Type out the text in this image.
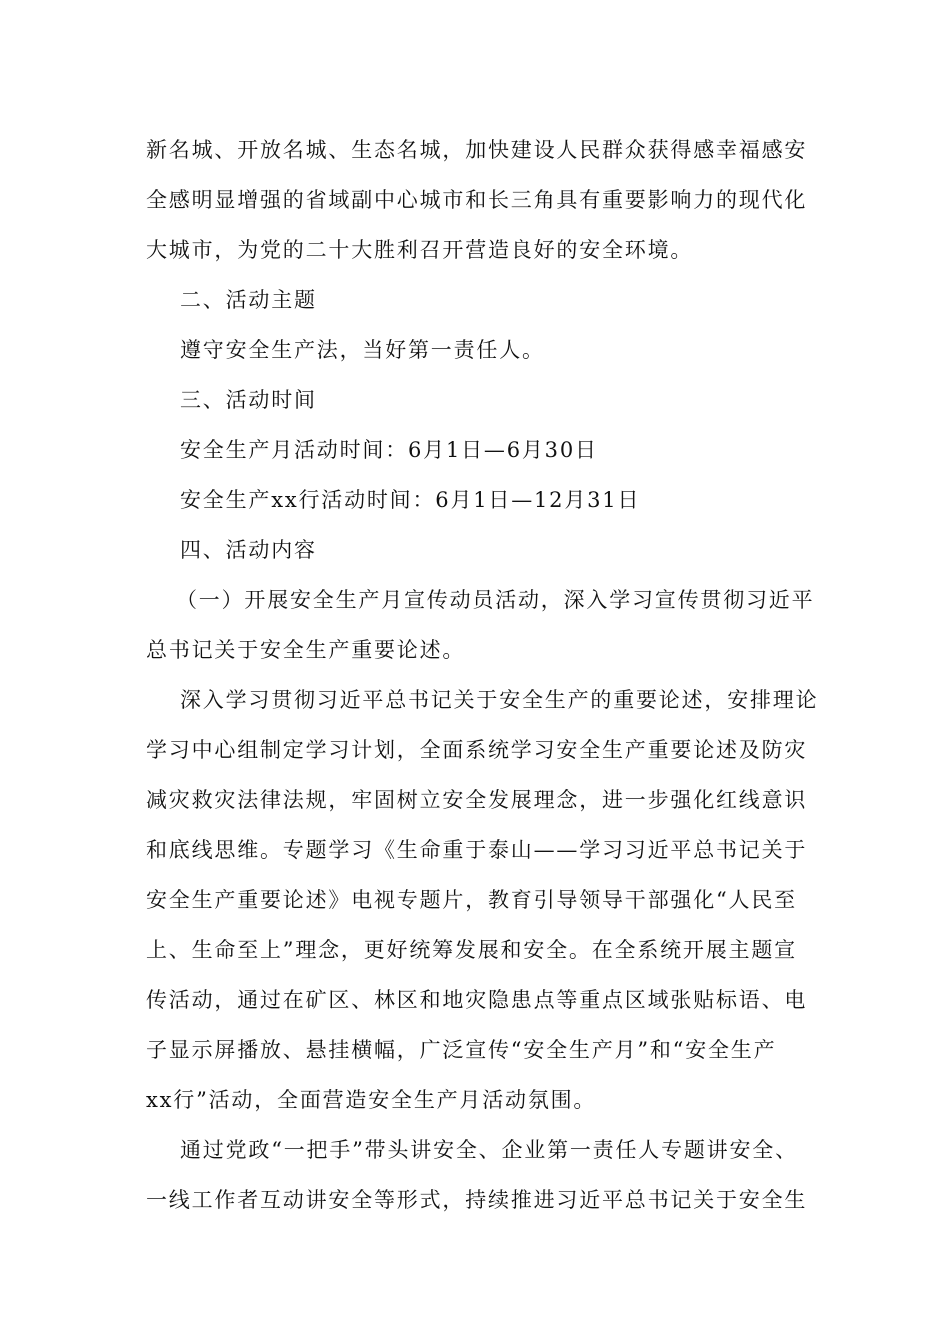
新名城、开放名城、生态名城，加快建设人民群众获得感幸福感安
全感明显增强的省域副中心城市和长三角具有重要影响力的现代化
大城市，为党的二十大胜利召开营造良好的安全环境。
二、活动主题
遵守安全生产法，当好第一责任人。
三、活动时间
安全生产月活动时间：6月1日—6月30日
安全生产xx行活动时间：6月1日—12月31日
四、活动内容
（一）开展安全生产月宣传动员活动，深入学习宣传贯彻习近平
总书记关于安全生产重要论述。
深入学习贯彻习近平总书记关于安全生产的重要论述，安排理论
学习中心组制定学习计划，全面系统学习安全生产重要论述及防灾
减灾救灾法律法规，牢固树立安全发展理念，进一步强化红线意识
和底线思维。专题学习《生命重于泰山——学习习近平总书记关于
安全生产重要论述》电视专题片，教育引导领导干部强化“人民至
上、生命至上”理念，更好统筹发展和安全。在全系统开展主题宣
传活动，通过在矿区、林区和地灾隐患点等重点区域张贴标语、电
子显示屏播放、悬挂横幅，广泛宣传“安全生产月”和“安全生产
xx行”活动，全面营造安全生产月活动氛围。
通过党政“一把手”带头讲安全、企业第一责任人专题讲安全、
一线工作者互动讲安全等形式，持续推进习近平总书记关于安全生
